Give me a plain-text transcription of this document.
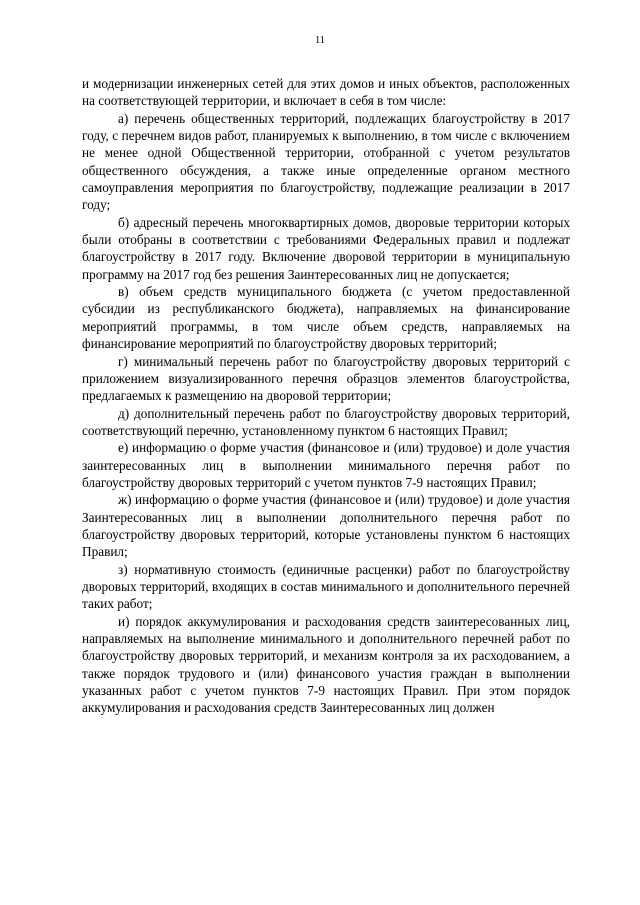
11

и модернизации инженерных сетей для этих домов и иных объектов, расположенных на соответствующей территории, и включает в себя в том числе:

а) перечень общественных территорий, подлежащих благоустройству в 2017 году, с перечнем видов работ, планируемых к выполнению, в том числе с включением не менее одной Общественной территории, отобранной с учетом результатов общественного обсуждения, а также иные определенные органом местного самоуправления мероприятия по благоустройству, подлежащие реализации в 2017 году;

б) адресный перечень многоквартирных домов, дворовые территории которых были отобраны в соответствии с требованиями Федеральных правил и подлежат благоустройству в 2017 году. Включение дворовой территории в муниципальную программу на 2017 год без решения Заинтересованных лиц не допускается;

в) объем средств муниципального бюджета (с учетом предоставленной субсидии из республиканского бюджета), направляемых на финансирование мероприятий программы, в том числе объем средств, направляемых на финансирование мероприятий по благоустройству дворовых территорий;

г) минимальный перечень работ по благоустройству дворовых территорий с приложением визуализированного перечня образцов элементов благоустройства, предлагаемых к размещению на дворовой территории;

д) дополнительный перечень работ по благоустройству дворовых территорий, соответствующий перечню, установленному пунктом 6 настоящих Правил;

е) информацию о форме участия (финансовое и (или) трудовое) и доле участия заинтересованных лиц в выполнении минимального перечня работ по благоустройству дворовых территорий с учетом пунктов 7-9 настоящих Правил;

ж) информацию о форме участия (финансовое и (или) трудовое) и доле участия Заинтересованных лиц в выполнении дополнительного перечня работ по благоустройству дворовых территорий, которые установлены пунктом 6 настоящих Правил;

з) нормативную стоимость (единичные расценки) работ по благоустройству дворовых территорий, входящих в состав минимального и дополнительного перечней таких работ;

и) порядок аккумулирования и расходования средств заинтересованных лиц, направляемых на выполнение минимального и дополнительного перечней работ по благоустройству дворовых территорий, и механизм контроля за их расходованием, а также порядок трудового и (или) финансового участия граждан в выполнении указанных работ с учетом пунктов 7-9 настоящих Правил. При этом порядок аккумулирования и расходования средств Заинтересованных лиц должен
